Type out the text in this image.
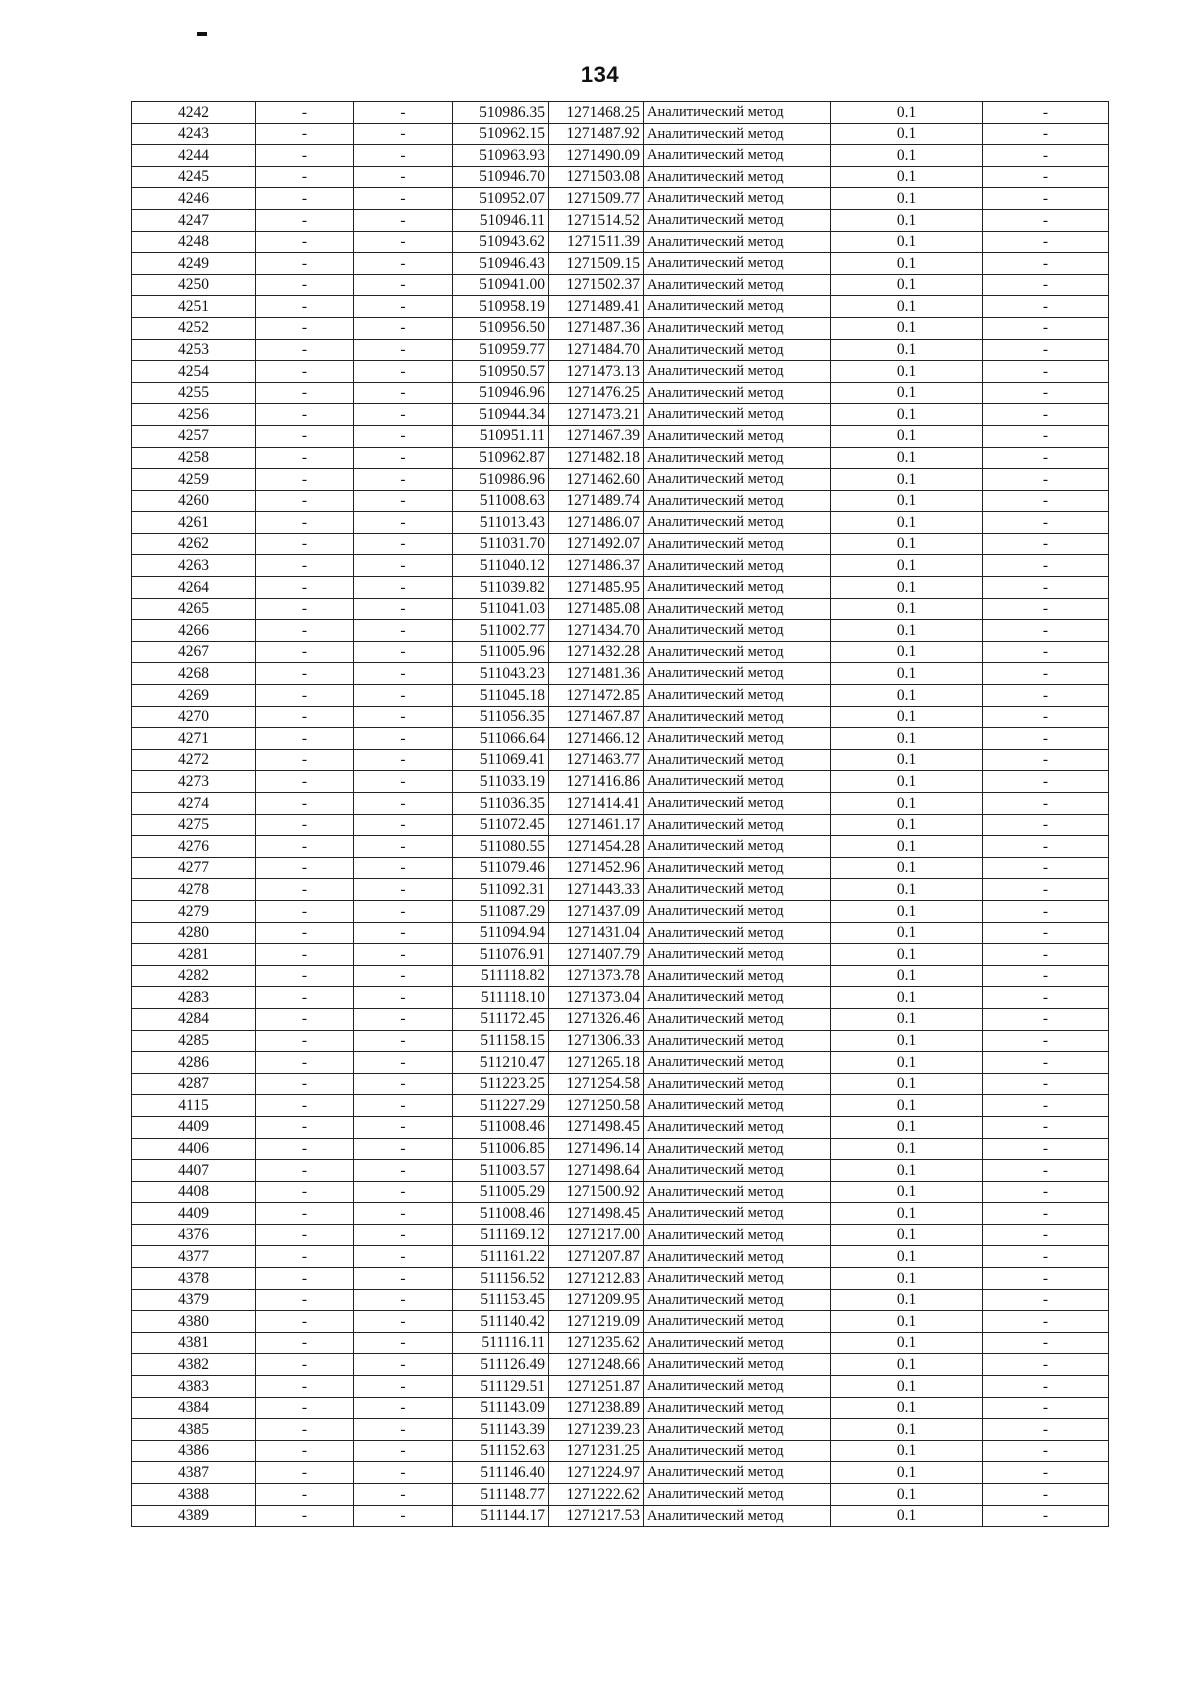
134
4242	-	-	510986.35	1271468.25	Аналитический метод	0.1	-
4243	-	-	510962.15	1271487.92	Аналитический метод	0.1	-
4244	-	-	510963.93	1271490.09	Аналитический метод	0.1	-
4245	-	-	510946.70	1271503.08	Аналитический метод	0.1	-
4246	-	-	510952.07	1271509.77	Аналитический метод	0.1	-
4247	-	-	510946.11	1271514.52	Аналитический метод	0.1	-
4248	-	-	510943.62	1271511.39	Аналитический метод	0.1	-
4249	-	-	510946.43	1271509.15	Аналитический метод	0.1	-
4250	-	-	510941.00	1271502.37	Аналитический метод	0.1	-
4251	-	-	510958.19	1271489.41	Аналитический метод	0.1	-
4252	-	-	510956.50	1271487.36	Аналитический метод	0.1	-
4253	-	-	510959.77	1271484.70	Аналитический метод	0.1	-
4254	-	-	510950.57	1271473.13	Аналитический метод	0.1	-
4255	-	-	510946.96	1271476.25	Аналитический метод	0.1	-
4256	-	-	510944.34	1271473.21	Аналитический метод	0.1	-
4257	-	-	510951.11	1271467.39	Аналитический метод	0.1	-
4258	-	-	510962.87	1271482.18	Аналитический метод	0.1	-
4259	-	-	510986.96	1271462.60	Аналитический метод	0.1	-
4260	-	-	511008.63	1271489.74	Аналитический метод	0.1	-
4261	-	-	511013.43	1271486.07	Аналитический метод	0.1	-
4262	-	-	511031.70	1271492.07	Аналитический метод	0.1	-
4263	-	-	511040.12	1271486.37	Аналитический метод	0.1	-
4264	-	-	511039.82	1271485.95	Аналитический метод	0.1	-
4265	-	-	511041.03	1271485.08	Аналитический метод	0.1	-
4266	-	-	511002.77	1271434.70	Аналитический метод	0.1	-
4267	-	-	511005.96	1271432.28	Аналитический метод	0.1	-
4268	-	-	511043.23	1271481.36	Аналитический метод	0.1	-
4269	-	-	511045.18	1271472.85	Аналитический метод	0.1	-
4270	-	-	511056.35	1271467.87	Аналитический метод	0.1	-
4271	-	-	511066.64	1271466.12	Аналитический метод	0.1	-
4272	-	-	511069.41	1271463.77	Аналитический метод	0.1	-
4273	-	-	511033.19	1271416.86	Аналитический метод	0.1	-
4274	-	-	511036.35	1271414.41	Аналитический метод	0.1	-
4275	-	-	511072.45	1271461.17	Аналитический метод	0.1	-
4276	-	-	511080.55	1271454.28	Аналитический метод	0.1	-
4277	-	-	511079.46	1271452.96	Аналитический метод	0.1	-
4278	-	-	511092.31	1271443.33	Аналитический метод	0.1	-
4279	-	-	511087.29	1271437.09	Аналитический метод	0.1	-
4280	-	-	511094.94	1271431.04	Аналитический метод	0.1	-
4281	-	-	511076.91	1271407.79	Аналитический метод	0.1	-
4282	-	-	511118.82	1271373.78	Аналитический метод	0.1	-
4283	-	-	511118.10	1271373.04	Аналитический метод	0.1	-
4284	-	-	511172.45	1271326.46	Аналитический метод	0.1	-
4285	-	-	511158.15	1271306.33	Аналитический метод	0.1	-
4286	-	-	511210.47	1271265.18	Аналитический метод	0.1	-
4287	-	-	511223.25	1271254.58	Аналитический метод	0.1	-
4115	-	-	511227.29	1271250.58	Аналитический метод	0.1	-
4409	-	-	511008.46	1271498.45	Аналитический метод	0.1	-
4406	-	-	511006.85	1271496.14	Аналитический метод	0.1	-
4407	-	-	511003.57	1271498.64	Аналитический метод	0.1	-
4408	-	-	511005.29	1271500.92	Аналитический метод	0.1	-
4409	-	-	511008.46	1271498.45	Аналитический метод	0.1	-
4376	-	-	511169.12	1271217.00	Аналитический метод	0.1	-
4377	-	-	511161.22	1271207.87	Аналитический метод	0.1	-
4378	-	-	511156.52	1271212.83	Аналитический метод	0.1	-
4379	-	-	511153.45	1271209.95	Аналитический метод	0.1	-
4380	-	-	511140.42	1271219.09	Аналитический метод	0.1	-
4381	-	-	511116.11	1271235.62	Аналитический метод	0.1	-
4382	-	-	511126.49	1271248.66	Аналитический метод	0.1	-
4383	-	-	511129.51	1271251.87	Аналитический метод	0.1	-
4384	-	-	511143.09	1271238.89	Аналитический метод	0.1	-
4385	-	-	511143.39	1271239.23	Аналитический метод	0.1	-
4386	-	-	511152.63	1271231.25	Аналитический метод	0.1	-
4387	-	-	511146.40	1271224.97	Аналитический метод	0.1	-
4388	-	-	511148.77	1271222.62	Аналитический метод	0.1	-
4389	-	-	511144.17	1271217.53	Аналитический метод	0.1	-
